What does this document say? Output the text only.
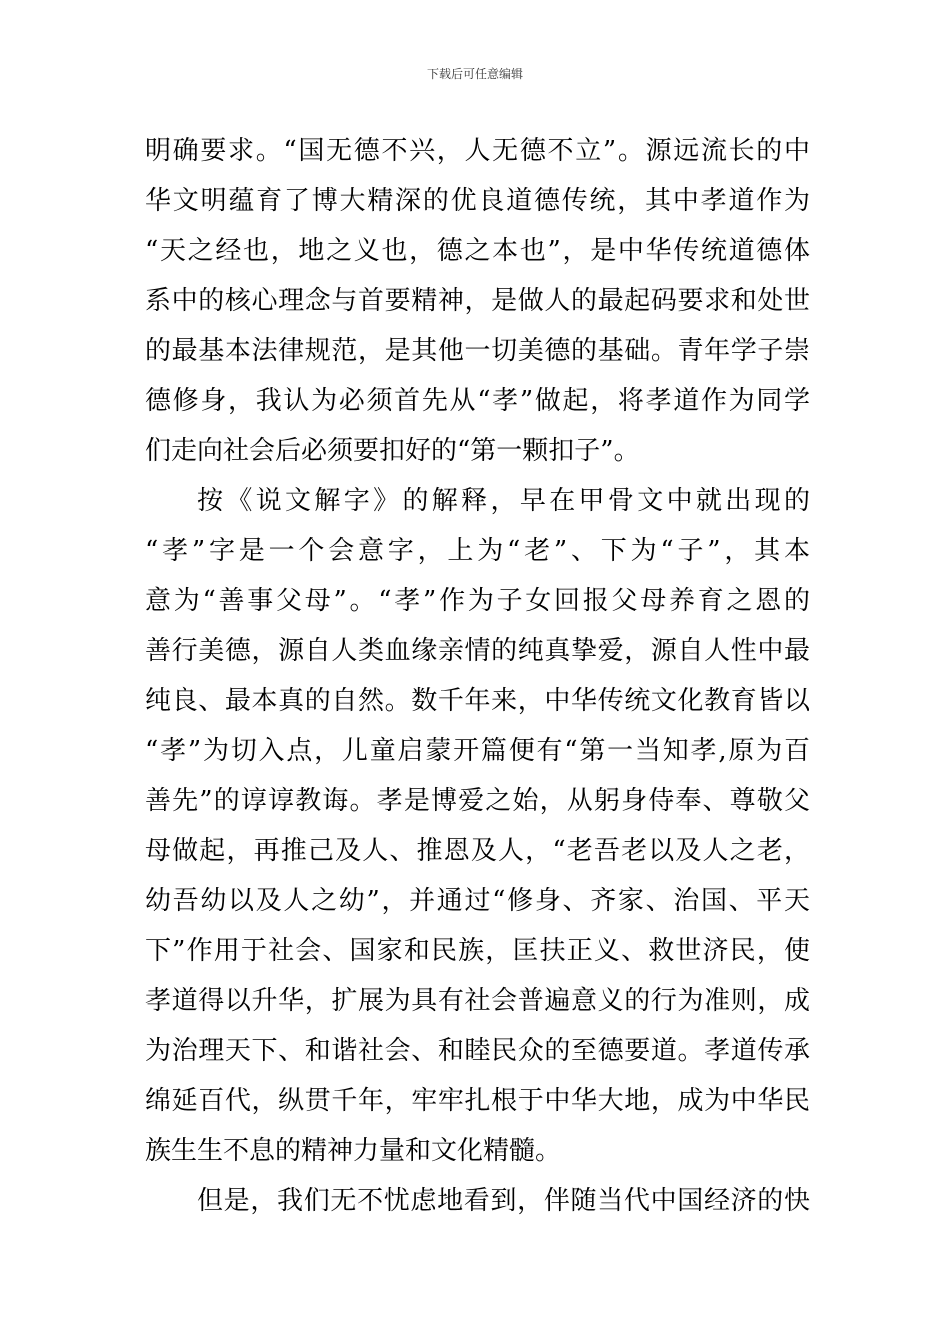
下载后可任意编辑
明确要求。“国无德不兴，人无德不立”。源远流长的中
华文明蕴育了博大精深的优良道德传统，其中孝道作为
“天之经也，地之义也，德之本也”，是中华传统道德体
系中的核心理念与首要精神，是做人的最起码要求和处世
的最基本法律规范，是其他一切美德的基础。青年学子崇
德修身，我认为必须首先从“孝”做起，将孝道作为同学
们走向社会后必须要扣好的“第一颗扣子”。
按《说文解字》的解释，早在甲骨文中就出现的
“孝”字是一个会意字，上为“老”、下为“子”，其本
意为“善事父母”。“孝”作为子女回报父母养育之恩的
善行美德，源自人类血缘亲情的纯真挚爱，源自人性中最
纯良、最本真的自然。数千年来，中华传统文化教育皆以
“孝”为切入点，儿童启蒙开篇便有“第一当知孝,原为百
善先”的谆谆教诲。孝是博爱之始，从躬身侍奉、尊敬父
母做起，再推己及人、推恩及人，“老吾老以及人之老，
幼吾幼以及人之幼”，并通过“修身、齐家、治国、平天
下”作用于社会、国家和民族，匡扶正义、救世济民，使
孝道得以升华，扩展为具有社会普遍意义的行为准则，成
为治理天下、和谐社会、和睦民众的至德要道。孝道传承
绵延百代，纵贯千年，牢牢扎根于中华大地，成为中华民
族生生不息的精神力量和文化精髓。
但是，我们无不忧虑地看到，伴随当代中国经济的快
